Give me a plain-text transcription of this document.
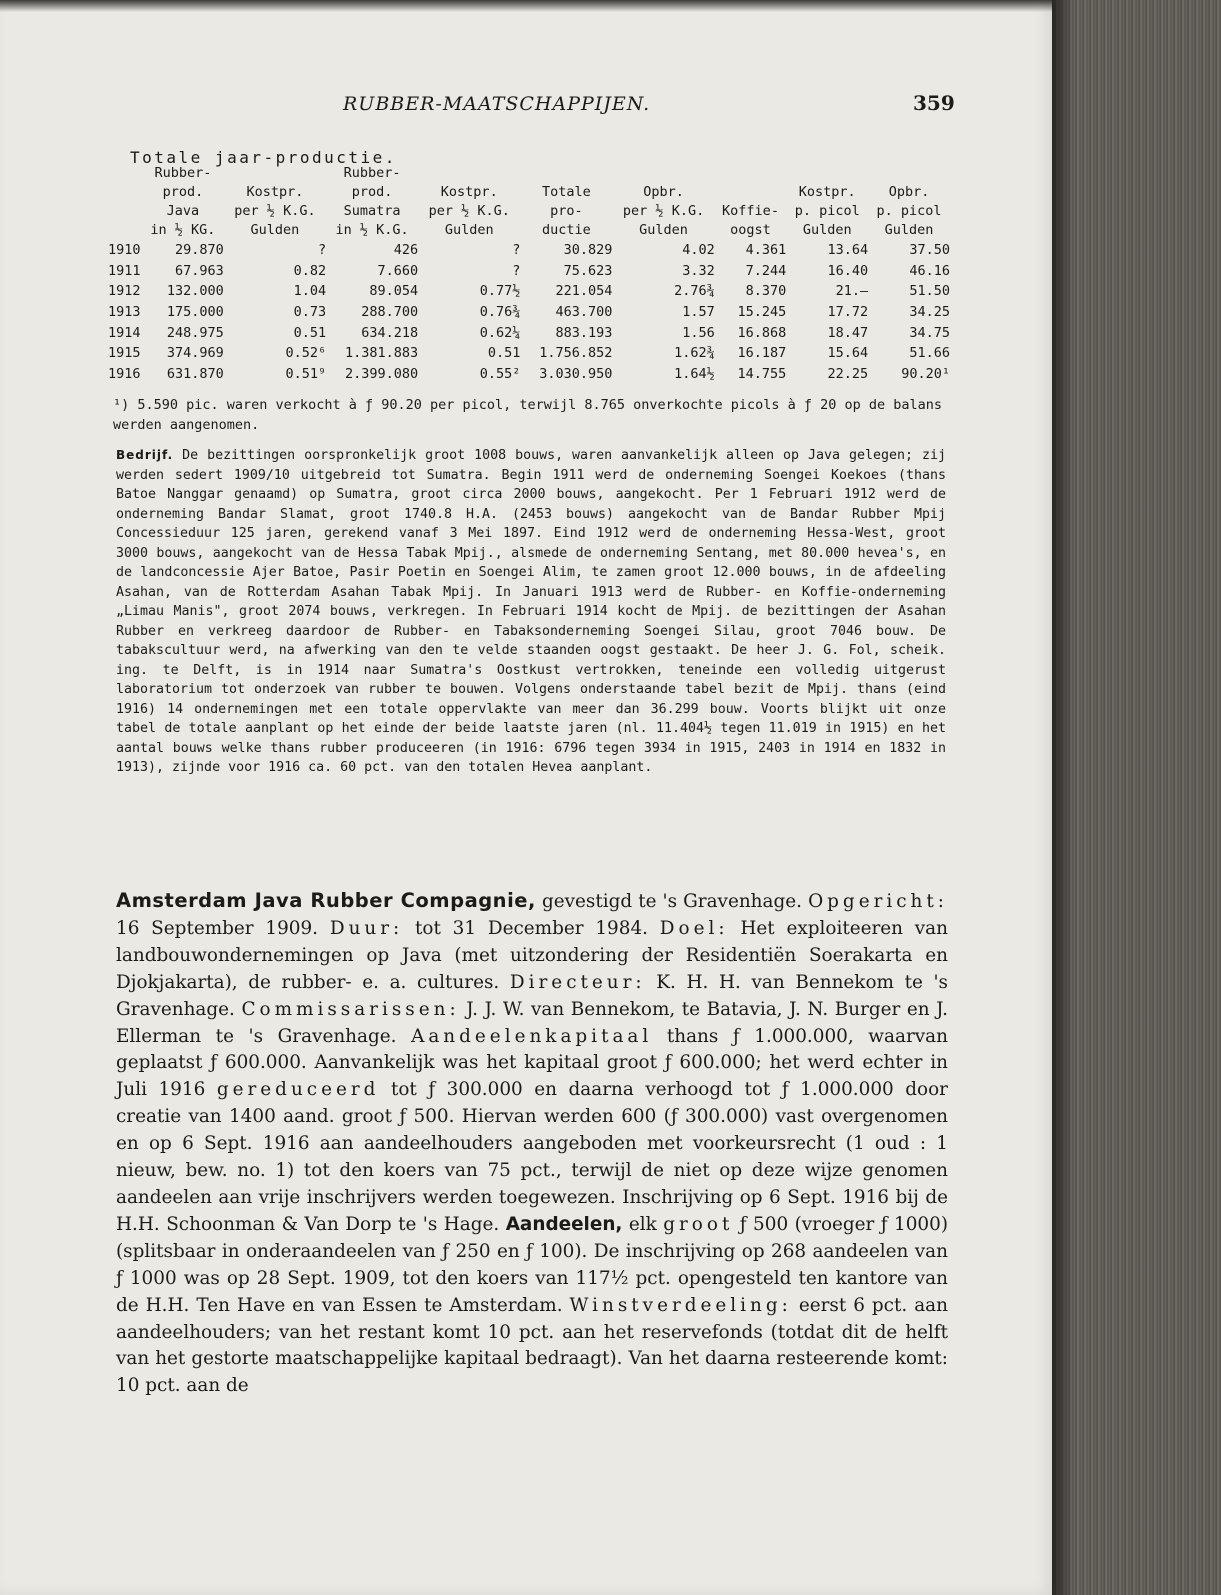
RUBBER-MAATSCHAPPIJEN.	359
Totale jaar-productie.
	Rubber-
prod.
Java
in ½ KG.	Kostpr.
per ½ K.G.
Gulden	Rubber-
prod.
Sumatra
in ½ K.G.	Kostpr.
per ½ K.G.
Gulden	Totale
pro-
ductie	Opbr.
per ½ K.G.
Gulden	Koffie-
oogst	Kostpr.
p. picol
Gulden	Opbr.
p. picol
Gulden
1910	29.870	?	426	?	30.829	4.02	4.361	13.64	37.50
1911	67.963	0.82	7.660	?	75.623	3.32	7.244	16.40	46.16
1912	132.000	1.04	89.054	0.77½	221.054	2.76¾	8.370	21.—	51.50
1913	175.000	0.73	288.700	0.76¾	463.700	1.57	15.245	17.72	34.25
1914	248.975	0.51	634.218	0.62¼	883.193	1.56	16.868	18.47	34.75
1915	374.969	0.52⁶	1.381.883	0.51	1.756.852	1.62¾	16.187	15.64	51.66
1916	631.870	0.51⁹	2.399.080	0.55²	3.030.950	1.64½	14.755	22.25	90.20¹
¹) 5.590 pic. waren verkocht à ƒ 90.20 per picol, terwijl 8.765 onverkochte picols à ƒ 20 op de balans werden aangenomen.
Bedrijf. De bezittingen oorspronkelijk groot 1008 bouws, waren aanvankelijk alleen op Java gelegen; zij werden sedert 1909/10 uitgebreid tot Sumatra. Begin 1911 werd de onderneming Soengei Koekoes (thans Batoe Nanggar genaamd) op Sumatra, groot circa 2000 bouws, aangekocht. Per 1 Februari 1912 werd de onderneming Bandar Slamat, groot 1740.8 H.A. (2453 bouws) aangekocht van de Bandar Rubber Mpij Concessieduur 125 jaren, gerekend vanaf 3 Mei 1897. Eind 1912 werd de onderneming Hessa-West, groot 3000 bouws, aangekocht van de Hessa Tabak Mpij., alsmede de onderneming Sentang, met 80.000 hevea's, en de landconcessie Ajer Batoe, Pasir Poetin en Soengei Alim, te zamen groot 12.000 bouws, in de afdeeling Asahan, van de Rotterdam Asahan Tabak Mpij. In Januari 1913 werd de Rubber- en Koffie-onderneming „Limau Manis", groot 2074 bouws, verkregen. In Februari 1914 kocht de Mpij. de bezittingen der Asahan Rubber en verkreeg daardoor de Rubber- en Tabaksonderneming Soengei Silau, groot 7046 bouw. De tabakscultuur werd, na afwerking van den te velde staanden oogst gestaakt. De heer J. G. Fol, scheik. ing. te Delft, is in 1914 naar Sumatra's Oostkust vertrokken, teneinde een volledig uitgerust laboratorium tot onderzoek van rubber te bouwen. Volgens onderstaande tabel bezit de Mpij. thans (eind 1916) 14 ondernemingen met een totale oppervlakte van meer dan 36.299 bouw. Voorts blijkt uit onze tabel de totale aanplant op het einde der beide laatste jaren (nl. 11.404½ tegen 11.019 in 1915) en het aantal bouws welke thans rubber produceeren (in 1916: 6796 tegen 3934 in 1915, 2403 in 1914 en 1832 in 1913), zijnde voor 1916 ca. 60 pct. van den totalen Hevea aanplant.
Amsterdam Java Rubber Compagnie, gevestigd te 's Gravenhage. Opgericht: 16 September 1909. Duur: tot 31 December 1984. Doel: Het exploiteeren van landbouwondernemingen op Java (met uitzondering der Residentiën Soerakarta en Djokjakarta), de rubber- e. a. cultures. Directeur: K. H. H. van Bennekom te 's Gravenhage. Commissarissen: J. J. W. van Bennekom, te Batavia, J. N. Burger en J. Ellerman te 's Gravenhage. Aandeelenkapitaal thans ƒ 1.000.000, waarvan geplaatst ƒ 600.000. Aanvankelijk was het kapitaal groot ƒ 600.000; het werd echter in Juli 1916 gereduceerd tot ƒ 300.000 en daarna verhoogd tot ƒ 1.000.000 door creatie van 1400 aand. groot ƒ 500. Hiervan werden 600 (ƒ 300.000) vast overgenomen en op 6 Sept. 1916 aan aandeelhouders aangeboden met voorkeursrecht (1 oud : 1 nieuw, bew. no. 1) tot den koers van 75 pct., terwijl de niet op deze wijze genomen aandeelen aan vrije inschrijvers werden toegewezen. Inschrijving op 6 Sept. 1916 bij de H.H. Schoonman & Van Dorp te 's Hage. Aandeelen, elk groot ƒ 500 (vroeger ƒ 1000) (splitsbaar in onderaandeelen van ƒ 250 en ƒ 100). De inschrijving op 268 aandeelen van ƒ 1000 was op 28 Sept. 1909, tot den koers van 117½ pct. opengesteld ten kantore van de H.H. Ten Have en van Essen te Amsterdam. Winstverdeeling: eerst 6 pct. aan aandeelhouders; van het restant komt 10 pct. aan het reservefonds (totdat dit de helft van het gestorte maatschappelijke kapitaal bedraagt). Van het daarna resteerende komt: 10 pct. aan de
